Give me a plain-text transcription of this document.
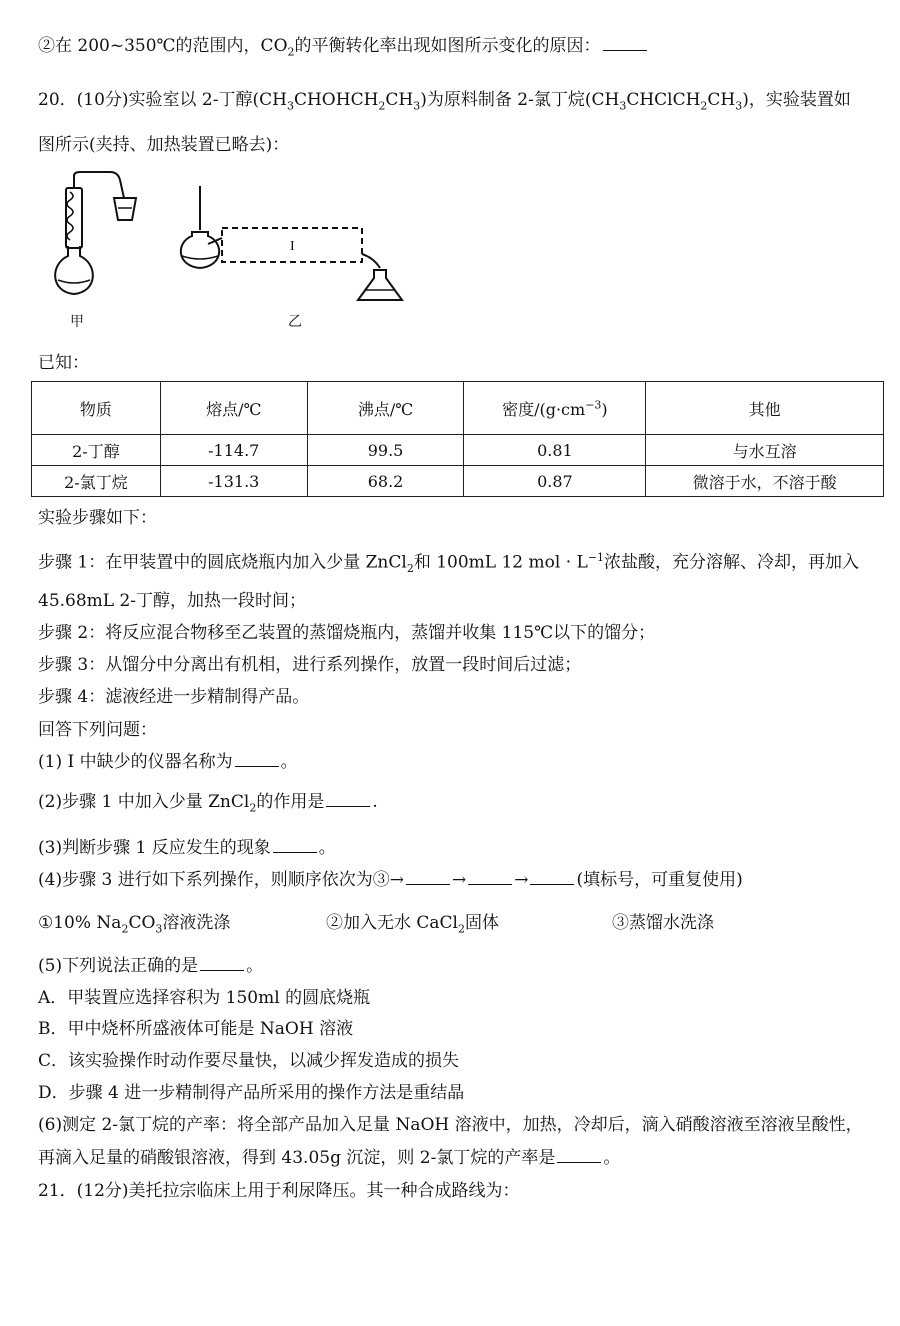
②在 200~350℃的范围内，$CO_2$的平衡转化率出现如图所示变化的原因：
20．(10分)实验室以 2-丁醇$(CH_3CHOHCH_2CH_3)$为原料制备 2-氯丁烷$(CH_3CHClCH_2CH_3)$，实验装置如
图所示(夹持、加热装置已略去)：
I
甲	乙
已知：
物质	熔点/℃	沸点/℃	密度$/(g\cdot cm^{-3})$	其他
2-丁醇	-114.7	99.5	0.81	与水互溶
2-氯丁烷	-131.3	68.2	0.87	微溶于水，不溶于酸
实验步骤如下：
步骤 1：在甲装置中的圆底烧瓶内加入少量 ZnCl$_2$和 100mL 12 mol · $L^{-1}$浓盐酸，充分溶解、冷却，再加入
45.68mL 2-丁醇，加热一段时间；
步骤 2：将反应混合物移至乙装置的蒸馏烧瓶内，蒸馏并收集 115℃以下的馏分；
步骤 3：从馏分中分离出有机相，进行系列操作，放置一段时间后过滤；
步骤 4：滤液经进一步精制得产品。
回答下列问题：
(1) I 中缺少的仪器名称为	。
(2)步骤 1 中加入少量 ZnCl$_2$的作用是	.
(3)判断步骤 1 反应发生的现象	。
(4)步骤 3 进行如下系列操作，则顺序依次为③→	→	→	(填标号，可重复使用)
①10% $Na_2CO_3$溶液洗涤	②加入无水 CaCl$_2$固体	③蒸馏水洗涤
(5)下列说法正确的是	。
A．甲装置应选择容积为 150ml 的圆底烧瓶
B．甲中烧杯所盛液体可能是 NaOH 溶液
C．该实验操作时动作要尽量快，以减少挥发造成的损失
D．步骤 4 进一步精制得产品所采用的操作方法是重结晶
(6)测定 2-氯丁烷的产率：将全部产品加入足量 NaOH 溶液中，加热，冷却后，滴入硝酸溶液至溶液呈酸性，
再滴入足量的硝酸银溶液，得到 43.05g 沉淀，则 2-氯丁烷的产率是	。
21．(12分)美托拉宗临床上用于利尿降压。其一种合成路线为：
